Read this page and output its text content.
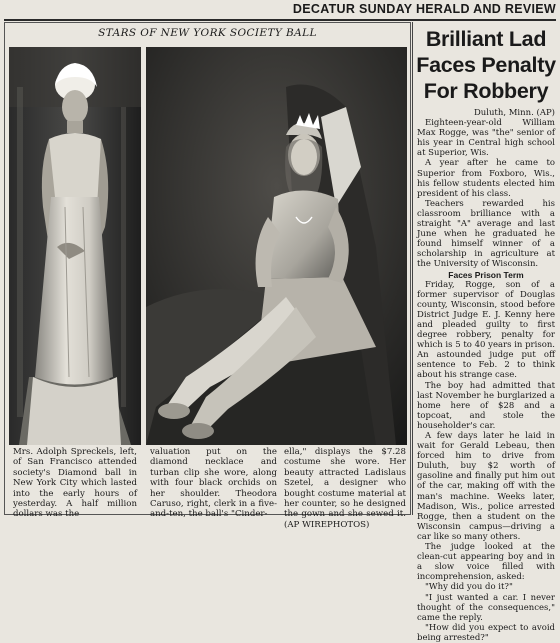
DECATUR SUNDAY HERALD AND REVIEW
STARS OF NEW YORK SOCIETY BALL
Mrs. Adolph Spreckels, left, of San Francisco attended society's Diamond ball in New York City which lasted into the early hours of yesterday. A half million dollars was the
valuation put on the diamond necklace and turban clip she wore, along with four black orchids on her shoulder. Theodora Caruso, right, clerk in a five-and-ten, the ball's "Cinder-
ella," displays the $7.28 costume she wore. Her beauty attracted Ladislaus Szetel, a designer who bought costume material at her counter, so he designed the gown and she sewed it. (AP WIREPHOTOS)
Brilliant Lad
Faces Penalty
For Robbery

Duluth, Minn. (AP)

Eighteen-year-old William Max Rogge, was "the" senior of his year in Central high school at Superior, Wis.

A year after he came to Superior from Foxboro, Wis., his fellow students elected him president of his class.

Teachers rewarded his classroom brilliance with a straight "A" average and last June when he graduated he found himself winner of a scholarship in agriculture at the University of Wisconsin.

Faces Prison Term

Friday, Rogge, son of a former supervisor of Douglas county, Wisconsin, stood before District Judge E. J. Kenny here and pleaded guilty to first degree robbery, penalty for which is 5 to 40 years in prison. An astounded judge put off sentence to Feb. 2 to think about his strange case.

The boy had admitted that last November he burglarized a home here of $28 and a topcoat, and stole the householder's car.

A few days later he laid in wait for Gerald Lebeau, then forced him to drive from Duluth, buy $2 worth of gasoline and finally put him out of the car, making off with the man's machine. Weeks later, Madison, Wis., police arrested Rogge, then a student on the Wisconsin campus—driving a car like so many others.

The judge looked at the clean-cut appearing boy and in a slow voice filled with incomprehension, asked:

"Why did you do it?"

"I just wanted a car. I never thought of the consequences," came the reply.

"How did you expect to avoid being arrested?"
